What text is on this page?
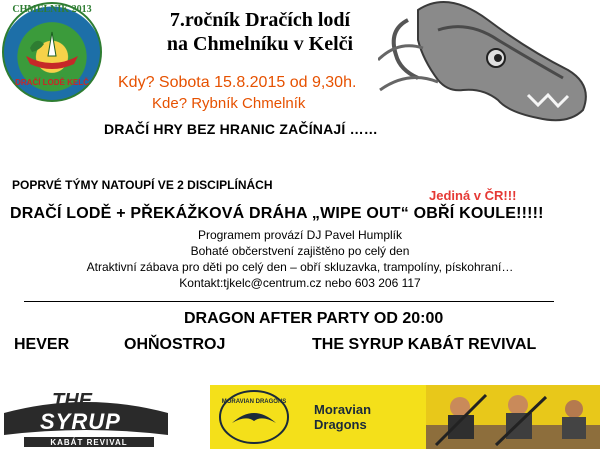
CHMELNÍK 2013
DRAČÍ LODĚ KELČ
7.ročník Dračích lodí
na Chmelníku v Kelči
Kdy? Sobota 15.8.2015 od 9,30h.
Kde? Rybník Chmelník
DRAČÍ HRY BEZ HRANIC ZAČÍNAJÍ ……
POPRVÉ TÝMY NATOUPÍ VE 2 DISCIPLÍNÁCH
Jediná v ČR!!!
DRAČÍ LODĚ + PŘEKÁŽKOVÁ DRÁHA „WIPE OUT“ OBŘÍ KOULE!!!!!
Programem provází DJ Pavel Humplík
Bohaté občerstvení zajištěno po celý den
Atraktivní zábava pro děti po celý den – obří skluzavka, trampolíny, pískohraní…
Kontakt:tjkelc@centrum.cz nebo 603 206 117
DRAGON AFTER PARTY OD 20:00
HEVER	OHŇOSTROJ	THE SYRUP KABÁT REVIVAL
THE
SYRUP
KABÁT REVIVAL
MORAVIAN DRAGONS Moravian
Dragons
